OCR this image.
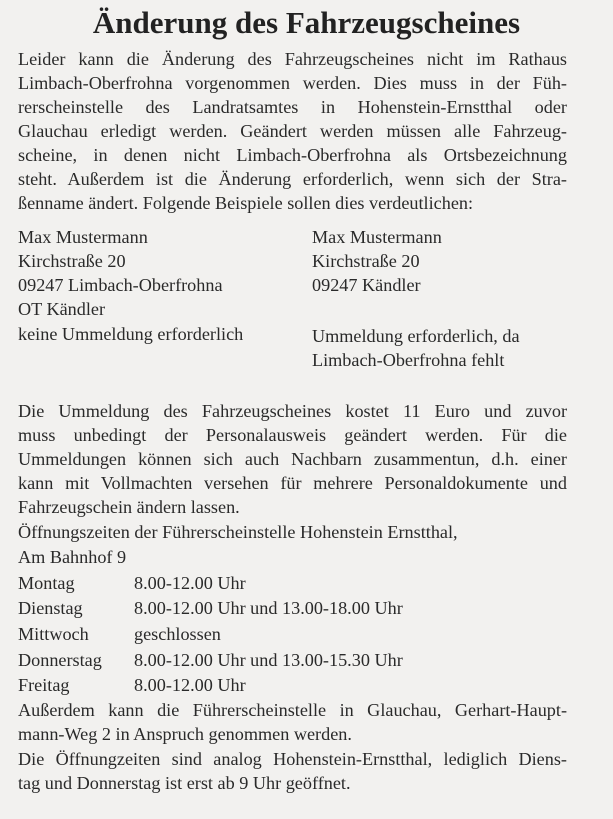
Änderung des Fahrzeugscheines
Leider kann die Änderung des Fahrzeugscheines nicht im Rathaus
Limbach-Oberfrohna vorgenommen werden. Dies muss in der Füh-
rerscheinstelle des Landratsamtes in Hohenstein-Ernstthal oder
Glauchau erledigt werden. Geändert werden müssen alle Fahrzeug-
scheine, in denen nicht Limbach-Oberfrohna als Ortsbezeichnung
steht. Außerdem ist die Änderung erforderlich, wenn sich der Stra-
ßenname ändert. Folgende Beispiele sollen dies verdeutlichen:
Max Mustermann
Kirchstraße 20
09247 Limbach-Oberfrohna
OT Kändler
keine Ummeldung erforderlich
Max Mustermann
Kirchstraße 20
09247 Kändler
Ummeldung erforderlich, da
Limbach-Oberfrohna fehlt
Die Ummeldung des Fahrzeugscheines kostet 11 Euro und zuvor
muss unbedingt der Personalausweis geändert werden. Für die
Ummeldungen können sich auch Nachbarn zusammentun, d.h. einer
kann mit Vollmachten versehen für mehrere Personaldokumente und
Fahrzeugschein ändern lassen.
Öffnungszeiten der Führerscheinstelle Hohenstein Ernstthal,
Am Bahnhof 9
Montag	8.00-12.00 Uhr
Dienstag	8.00-12.00 Uhr und 13.00-18.00 Uhr
Mittwoch geschlossen
Donnerstag 8.00-12.00 Uhr und 13.00-15.30 Uhr
Freitag	8.00-12.00 Uhr
Außerdem kann die Führerscheinstelle in Glauchau, Gerhart-Haupt-
mann-Weg 2 in Anspruch genommen werden.
Die Öffnungzeiten sind analog Hohenstein-Ernstthal, lediglich Diens-
tag und Donnerstag ist erst ab 9 Uhr geöffnet.
